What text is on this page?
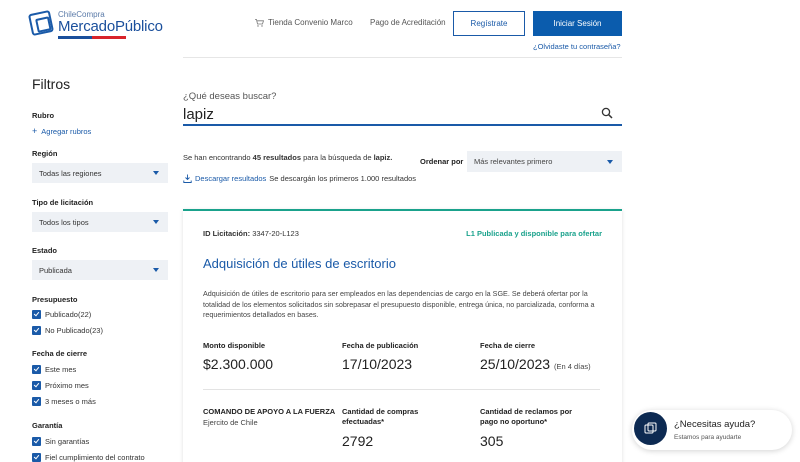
ChileCompra
MercadoPúblico	Tienda Convenio Marco Pago de Acreditación	Regístrate	Iniciar Sesión
¿Olvidaste tu contraseña?
Filtros
Rubro
+ Agregar rubros
Región
Todas las regiones
Tipo de licitación
Todos los tipos
Estado
Publicada
Presupuesto
Publicado(22)
No Publicado(23)
Fecha de cierre
Este mes
Próximo mes
3 meses o más
Garantía
Sin garantías
Fiel cumplimiento del contrato
¿Qué deseas buscar?
lapiz
Se han encontrando 45 resultados para la búsqueda de lapiz.
Descargar resultados Se descargán los primeros 1.000 resultados
Ordenar por Más relevantes primero
ID Licitación: 3347-20-L123	L1 Publicada y disponible para ofertar
Adquisición de útiles de escritorio

Adquisición de útiles de escritorio para ser empleados en las dependencias de cargo en la SGE. Se deberá ofertar por la totalidad de los elementos solicitados sin sobrepasar el presupuesto disponible, entrega única, no parcializada, conforma a requerimientos detallados en bases.

Monto disponible
$2.300.000
Fecha de publicación
17/10/2023
Fecha de cierre
25/10/2023 (En 4 días)
COMANDO DE APOYO A LA FUERZA
Ejercito de Chile
Cantidad de compras efectuadas*
2792
Cantidad de reclamos por pago no oportuno*
305
¿Necesitas ayuda?
Estamos para ayudarte
